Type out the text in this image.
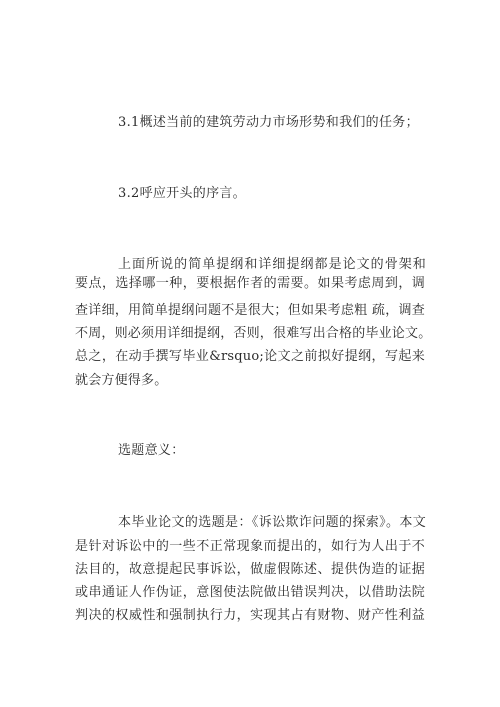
3.1概述当前的建筑劳动力市场形势和我们的任务；
3.2呼应开头的序言。
上面所说的简单提纲和详细提纲都是论文的骨架和
要点，选择哪一种，要根据作者的需要。如果考虑周到，调
查详细，用简单提纲问题不是很大；但如果考虑粗 疏，调查
不周，则必须用详细提纲，否则，很难写出合格的毕业论文。
总之，在动手撰写毕业&rsquo;论文之前拟好提纲，写起来
就会方便得多。
选题意义：
本毕业论文的选题是：《诉讼欺诈问题的探索》。本文
是针对诉讼中的一些不正常现象而提出的，如行为人出于不
法目的，故意提起民事诉讼，做虚假陈述、提供伪造的证据
或串通证人作伪证，意图使法院做出错误判决，以借助法院
判决的权威性和强制执行力，实现其占有财物、财产性利益
